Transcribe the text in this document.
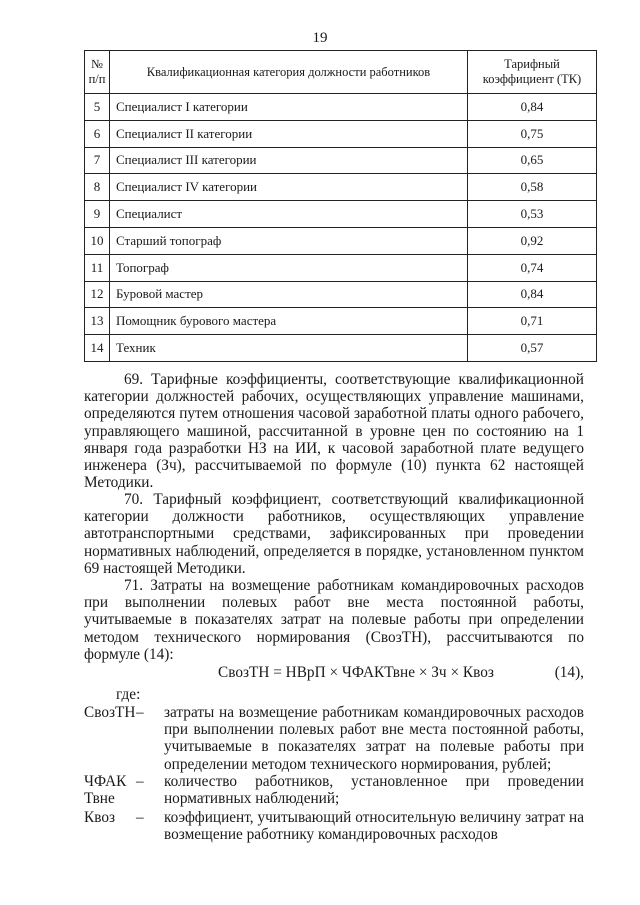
19
№ п/п	Квалификационная категория должности работников	Тарифный коэффициент (ТК)
5	Специалист I категории	0,84
6	Специалист II категории	0,75
7	Специалист III категории	0,65
8	Специалист IV категории	0,58
9	Специалист	0,53
10	Старший топограф	0,92
11	Топограф	0,74
12	Буровой мастер	0,84
13	Помощник бурового мастера	0,71
14	Техник	0,57

69. Тарифные коэффициенты, соответствующие квалификационной категории должностей рабочих, осуществляющих управление машинами, определяются путем отношения часовой заработной платы одного рабочего, управляющего машиной, рассчитанной в уровне цен по состоянию на 1 января года разработки НЗ на ИИ, к часовой заработной плате ведущего инженера (Зч), рассчитываемой по формуле (10) пункта 62 настоящей Методики.

70. Тарифный коэффициент, соответствующий квалификационной категории должности работников, осуществляющих управление автотранспортными средствами, зафиксированных при проведении нормативных наблюдений, определяется в порядке, установленном пунктом 69 настоящей Методики.

71. Затраты на возмещение работникам командировочных расходов при выполнении полевых работ вне места постоянной работы, учитываемые в показателях затрат на полевые работы при определении методом технического нормирования (СвозТН), рассчитываются по формуле (14):

СвозТН = НВрП × ЧФАКТвне × Зч × Квоз	(14),
где:
СвозТН – затраты на возмещение работникам командировочных расходов при выполнении полевых работ вне места постоянной работы, учитываемые в показателях затрат на полевые работы при определении методом технического нормирования, рублей;
ЧФАК Твне
– количество работников, установленное при проведении нормативных наблюдений;
Квоз	– коэффициент, учитывающий относительную величину затрат на возмещение работнику командировочных расходов
